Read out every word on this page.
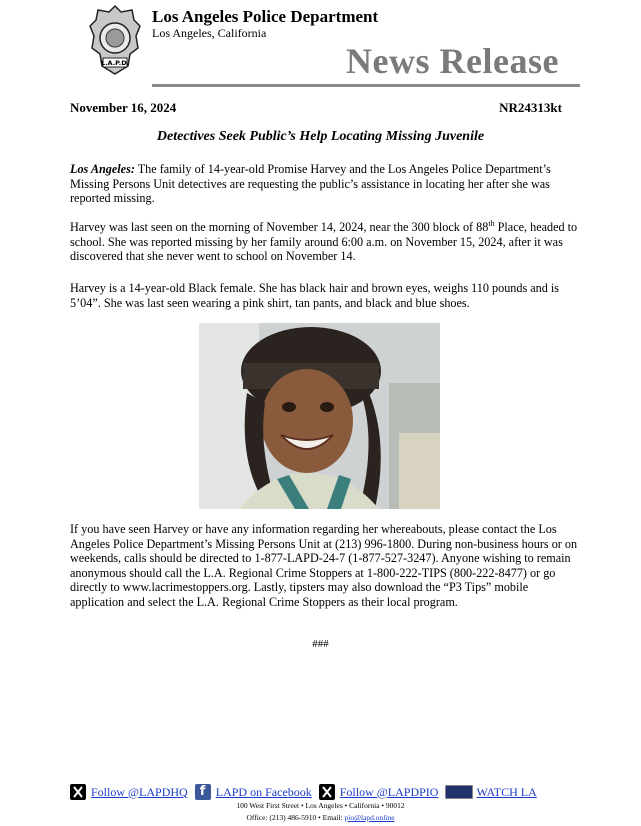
L.A.P.D.
Los Angeles Police Department
Los Angeles, California
News Release
November 16, 2024	NR24313kt
Detectives Seek Public’s Help Locating Missing Juvenile
Los Angeles: The family of 14-year-old Promise Harvey and the Los Angeles Police Department’s Missing Persons Unit detectives are requesting the public’s assistance in locating her after she was reported missing.
Harvey was last seen on the morning of November 14, 2024, near the 300 block of 88th Place, headed to school. She was reported missing by her family around 6:00 a.m. on November 15, 2024, after it was discovered that she never went to school on November 14.
Harvey is a 14-year-old Black female. She has black hair and brown eyes, weighs 110 pounds and is 5’04”. She was last seen wearing a pink shirt, tan pants, and black and blue shoes.
If you have seen Harvey or have any information regarding her whereabouts, please contact the Los Angeles Police Department’s Missing Persons Unit at (213) 996-1800. During non-business hours or on weekends, calls should be directed to 1-877-LAPD-24-7 (1-877-527-3247). Anyone wishing to remain anonymous should call the L.A. Regional Crime Stoppers at 1-800-222-TIPS (800-222-8477) or go directly to www.lacrimestoppers.org. Lastly, tipsters may also download the “P3 Tips” mobile application and select the L.A. Regional Crime Stoppers as their local program.
###
Follow @LAPDHQ f LAPD on Facebook Follow @LAPDPIO	WATCH LA
100 West First Street • Los Angeles • California • 90012
Office: (213) 486-5910 • Email: pio@lapd.online
